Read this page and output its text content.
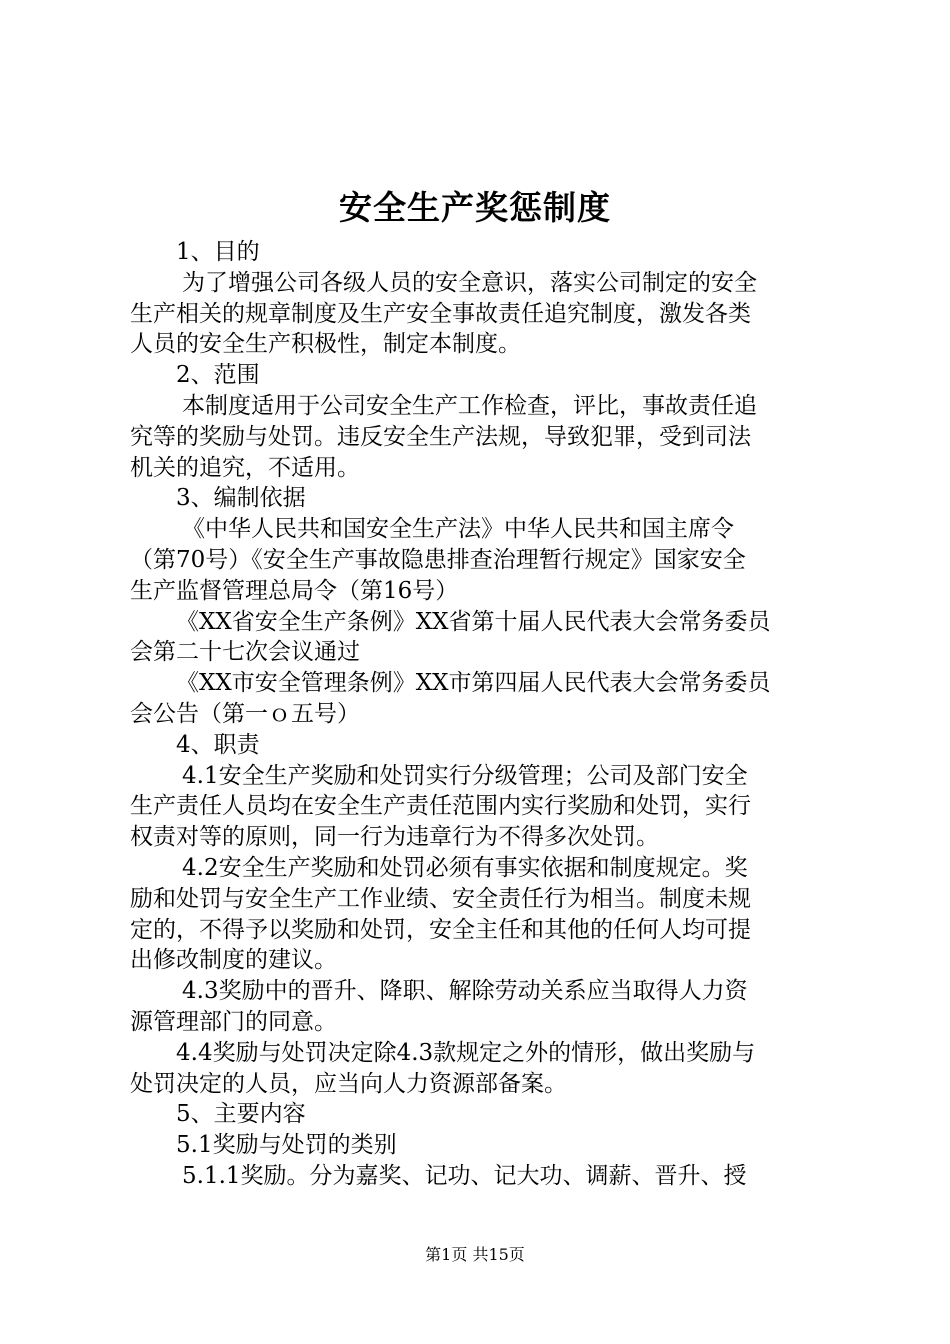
安全生产奖惩制度
1、目的
为了增强公司各级人员的安全意识，落实公司制定的安全
生产相关的规章制度及生产安全事故责任追究制度，激发各类
人员的安全生产积极性，制定本制度。
2、范围
本制度适用于公司安全生产工作检查，评比，事故责任追
究等的奖励与处罚。违反安全生产法规，导致犯罪，受到司法
机关的追究，不适用。
3、编制依据
《中华人民共和国安全生产法》中华人民共和国主席令
（第70号）《安全生产事故隐患排查治理暂行规定》国家安全
生产监督管理总局令（第16号）
《XX省安全生产条例》XX省第十届人民代表大会常务委员
会第二十七次会议通过
《XX市安全管理条例》XX市第四届人民代表大会常务委员
会公告（第一ｏ五号）
4、职责
4.1安全生产奖励和处罚实行分级管理；公司及部门安全
生产责任人员均在安全生产责任范围内实行奖励和处罚，实行
权责对等的原则，同一行为违章行为不得多次处罚。
4.2安全生产奖励和处罚必须有事实依据和制度规定。奖
励和处罚与安全生产工作业绩、安全责任行为相当。制度未规
定的，不得予以奖励和处罚，安全主任和其他的任何人均可提
出修改制度的建议。
4.3奖励中的晋升、降职、解除劳动关系应当取得人力资
源管理部门的同意。
4.4奖励与处罚决定除4.3款规定之外的情形，做出奖励与
处罚决定的人员，应当向人力资源部备案。
5、主要内容
5.1奖励与处罚的类别
5.1.1奖励。分为嘉奖、记功、记大功、调薪、晋升、授
第1页 共15页
